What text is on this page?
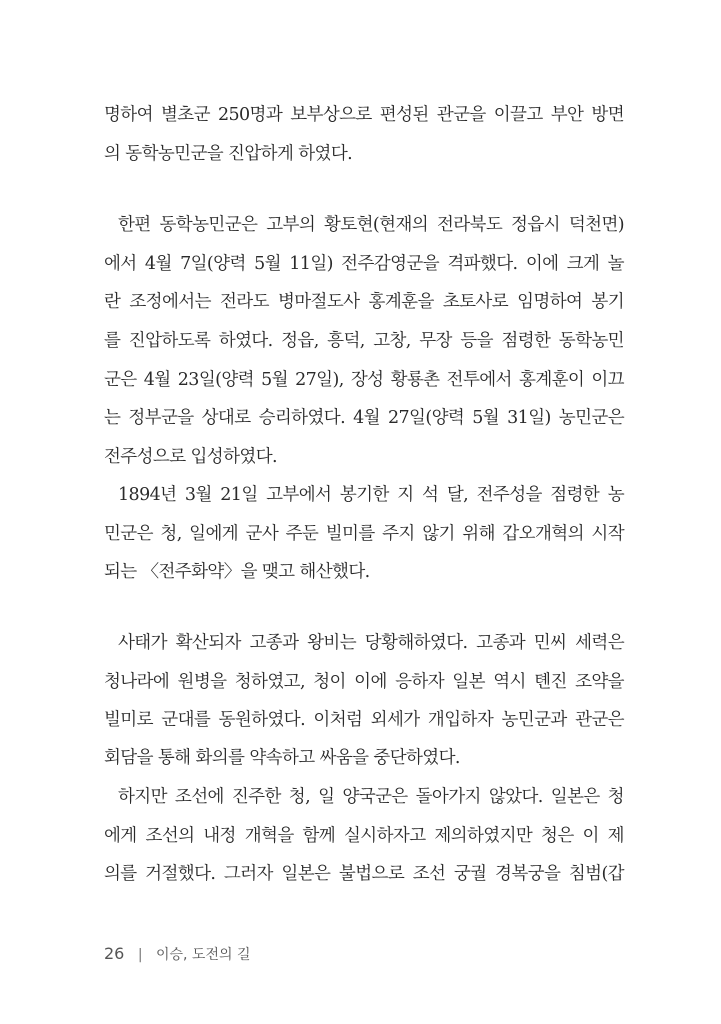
명하여 별초군 250명과 보부상으로 편성된 관군을 이끌고 부안 방면
의 동학농민군을 진압하게 하였다.
한편 동학농민군은 고부의 황토현(현재의 전라북도 정읍시 덕천면)
에서 4월 7일(양력 5월 11일) 전주감영군을 격파했다. 이에 크게 놀
란 조정에서는 전라도 병마절도사 홍계훈을 초토사로 임명하여 봉기
를 진압하도록 하였다. 정읍, 흥덕, 고창, 무장 등을 점령한 동학농민
군은 4월 23일(양력 5월 27일), 장성 황룡촌 전투에서 홍계훈이 이끄
는 정부군을 상대로 승리하였다. 4월 27일(양력 5월 31일) 농민군은
전주성으로 입성하였다.
1894년 3월 21일 고부에서 봉기한 지 석 달, 전주성을 점령한 농
민군은 청, 일에게 군사 주둔 빌미를 주지 않기 위해 갑오개혁의 시작
되는 〈전주화약〉을 맺고 해산했다.
사태가 확산되자 고종과 왕비는 당황해하였다. 고종과 민씨 세력은
청나라에 원병을 청하였고, 청이 이에 응하자 일본 역시 톈진 조약을
빌미로 군대를 동원하였다. 이처럼 외세가 개입하자 농민군과 관군은
회담을 통해 화의를 약속하고 싸움을 중단하였다.
하지만 조선에 진주한 청, 일 양국군은 돌아가지 않았다. 일본은 청
에게 조선의 내정 개혁을 함께 실시하자고 제의하였지만 청은 이 제
의를 거절했다. 그러자 일본은 불법으로 조선 궁궐 경복궁을 침범(갑
26 | 이승, 도전의 길
